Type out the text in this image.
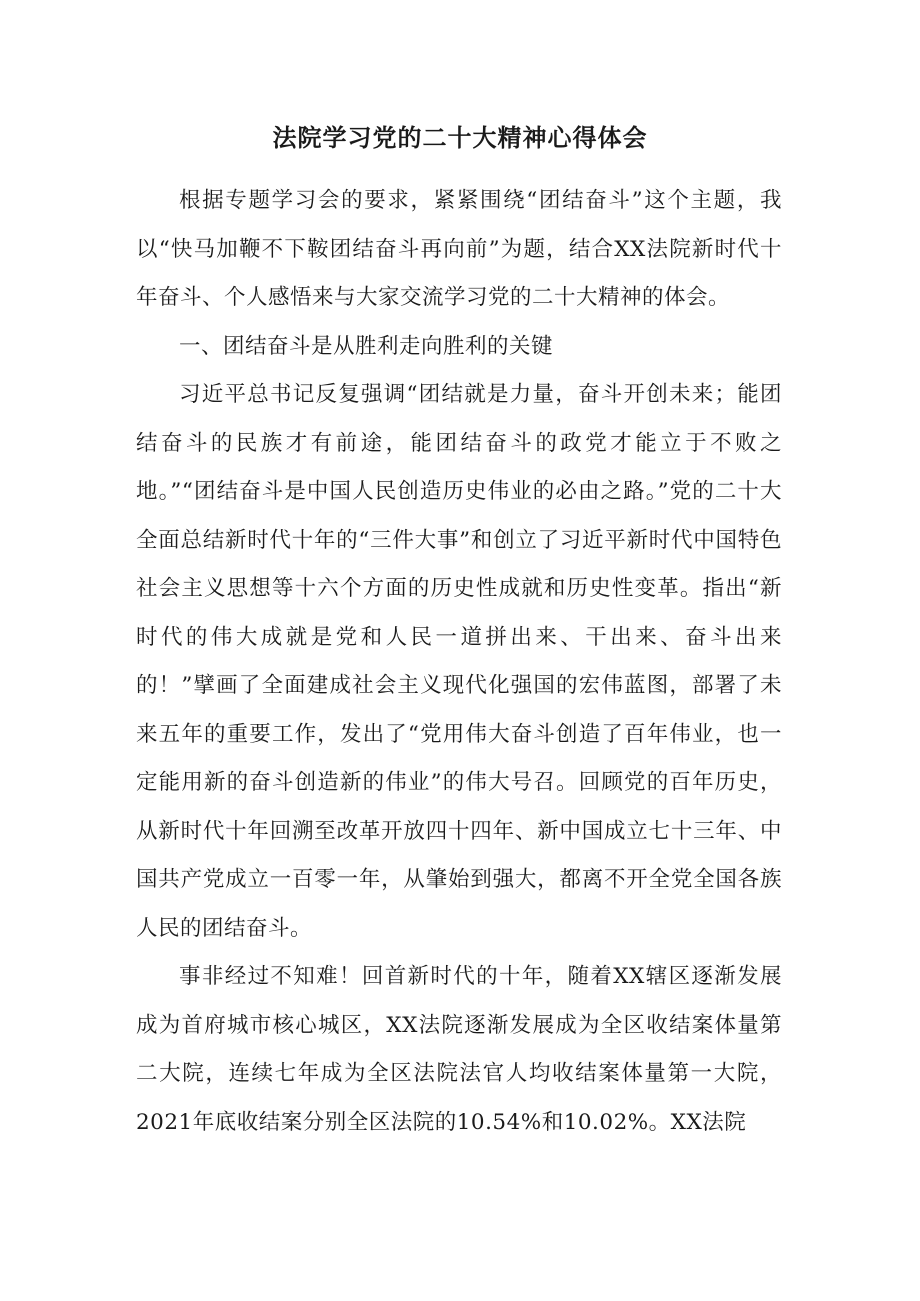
法院学习党的二十大精神心得体会

根据专题学习会的要求，紧紧围绕“团结奋斗”这个主题，我以“快马加鞭不下鞍团结奋斗再向前”为题，结合XX法院新时代十年奋斗、个人感悟来与大家交流学习党的二十大精神的体会。

一、团结奋斗是从胜利走向胜利的关键

习近平总书记反复强调“团结就是力量，奋斗开创未来；能团结奋斗的民族才有前途，能团结奋斗的政党才能立于不败之地。”“团结奋斗是中国人民创造历史伟业的必由之路。”党的二十大全面总结新时代十年的“三件大事”和创立了习近平新时代中国特色社会主义思想等十六个方面的历史性成就和历史性变革。指出“新时代的伟大成就是党和人民一道拼出来、干出来、奋斗出来的！”擘画了全面建成社会主义现代化强国的宏伟蓝图，部署了未来五年的重要工作，发出了“党用伟大奋斗创造了百年伟业，也一定能用新的奋斗创造新的伟业”的伟大号召。回顾党的百年历史，从新时代十年回溯至改革开放四十四年、新中国成立七十三年、中国共产党成立一百零一年，从肇始到强大，都离不开全党全国各族人民的团结奋斗。

事非经过不知难！回首新时代的十年，随着XX辖区逐渐发展成为首府城市核心城区，XX法院逐渐发展成为全区收结案体量第二大院，连续七年成为全区法院法官人均收结案体量第一大院，2021年底收结案分别全区法院的10.54%和10.02%。XX法院
